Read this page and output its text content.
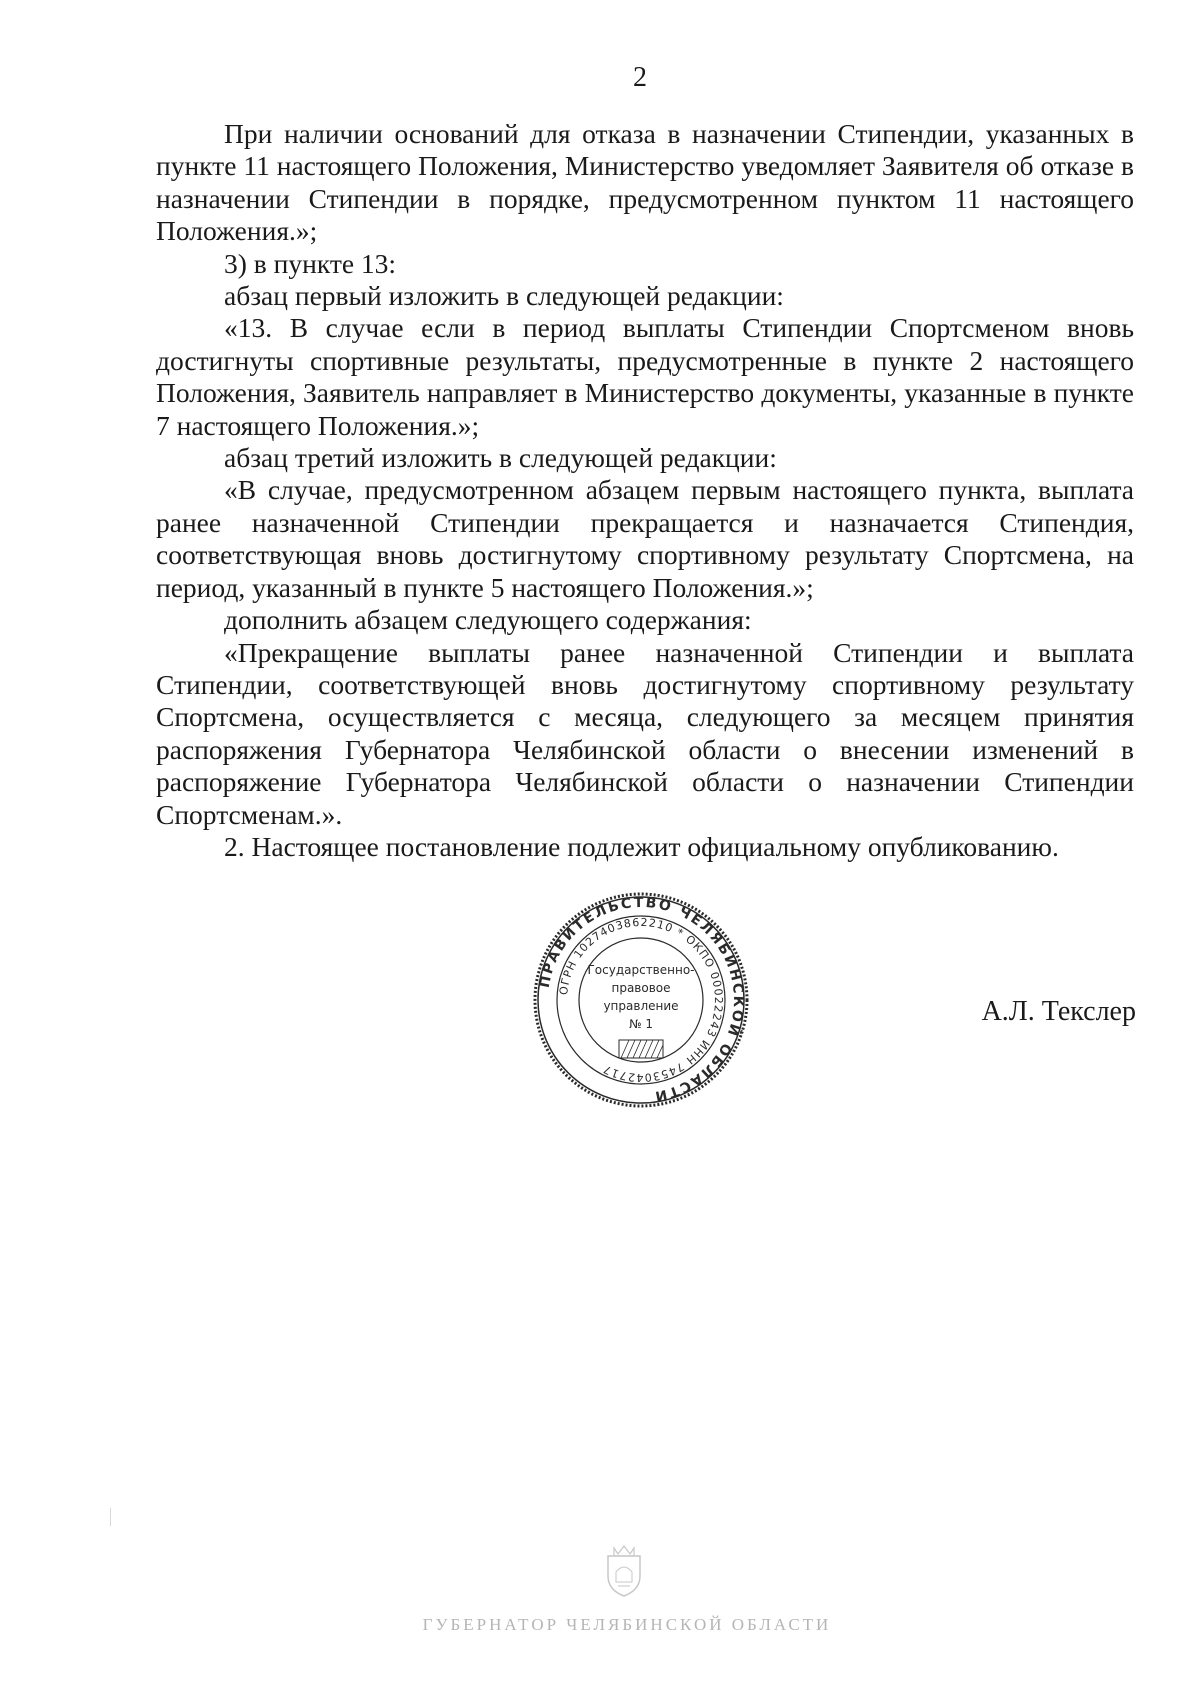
2

При наличии оснований для отказа в назначении Стипендии, указанных в пункте 11 настоящего Положения, Министерство уведомляет Заявителя об отказе в назначении Стипендии в порядке, предусмотренном пунктом 11 настоящего Положения.»;

3) в пункте 13:

абзац первый изложить в следующей редакции:

«13. В случае если в период выплаты Стипендии Спортсменом вновь достигнуты спортивные результаты, предусмотренные в пункте 2 настоящего Положения, Заявитель направляет в Министерство документы, указанные в пункте 7 настоящего Положения.»;

абзац третий изложить в следующей редакции:

«В случае, предусмотренном абзацем первым настоящего пункта, выплата ранее назначенной Стипендии прекращается и назначается Стипендия, соответствующая вновь достигнутому спортивному результату Спортсмена, на период, указанный в пункте 5 настоящего Положения.»;

дополнить абзацем следующего содержания:

«Прекращение выплаты ранее назначенной Стипендии и выплата Стипендии, соответствующей вновь достигнутому спортивному результату Спортсмена, осуществляется с месяца, следующего за месяцем принятия распоряжения Губернатора Челябинской области о внесении изменений в распоряжение Губернатора Челябинской области о назначении Стипендии Спортсменам.».

2. Настоящее постановление подлежит официальному опубликованию.

ПРАВИТЕЛЬСТВО ЧЕЛЯБИНСКОЙ ОБЛАСТИ
ОГРН 1027403862210 * ОКПО 00022243 ИНН 7453042717
Государственно-
правовое
управление
№ 1	А.Л. Текслер
ГУБЕРНАТОР ЧЕЛЯБИНСКОЙ ОБЛАСТИ
